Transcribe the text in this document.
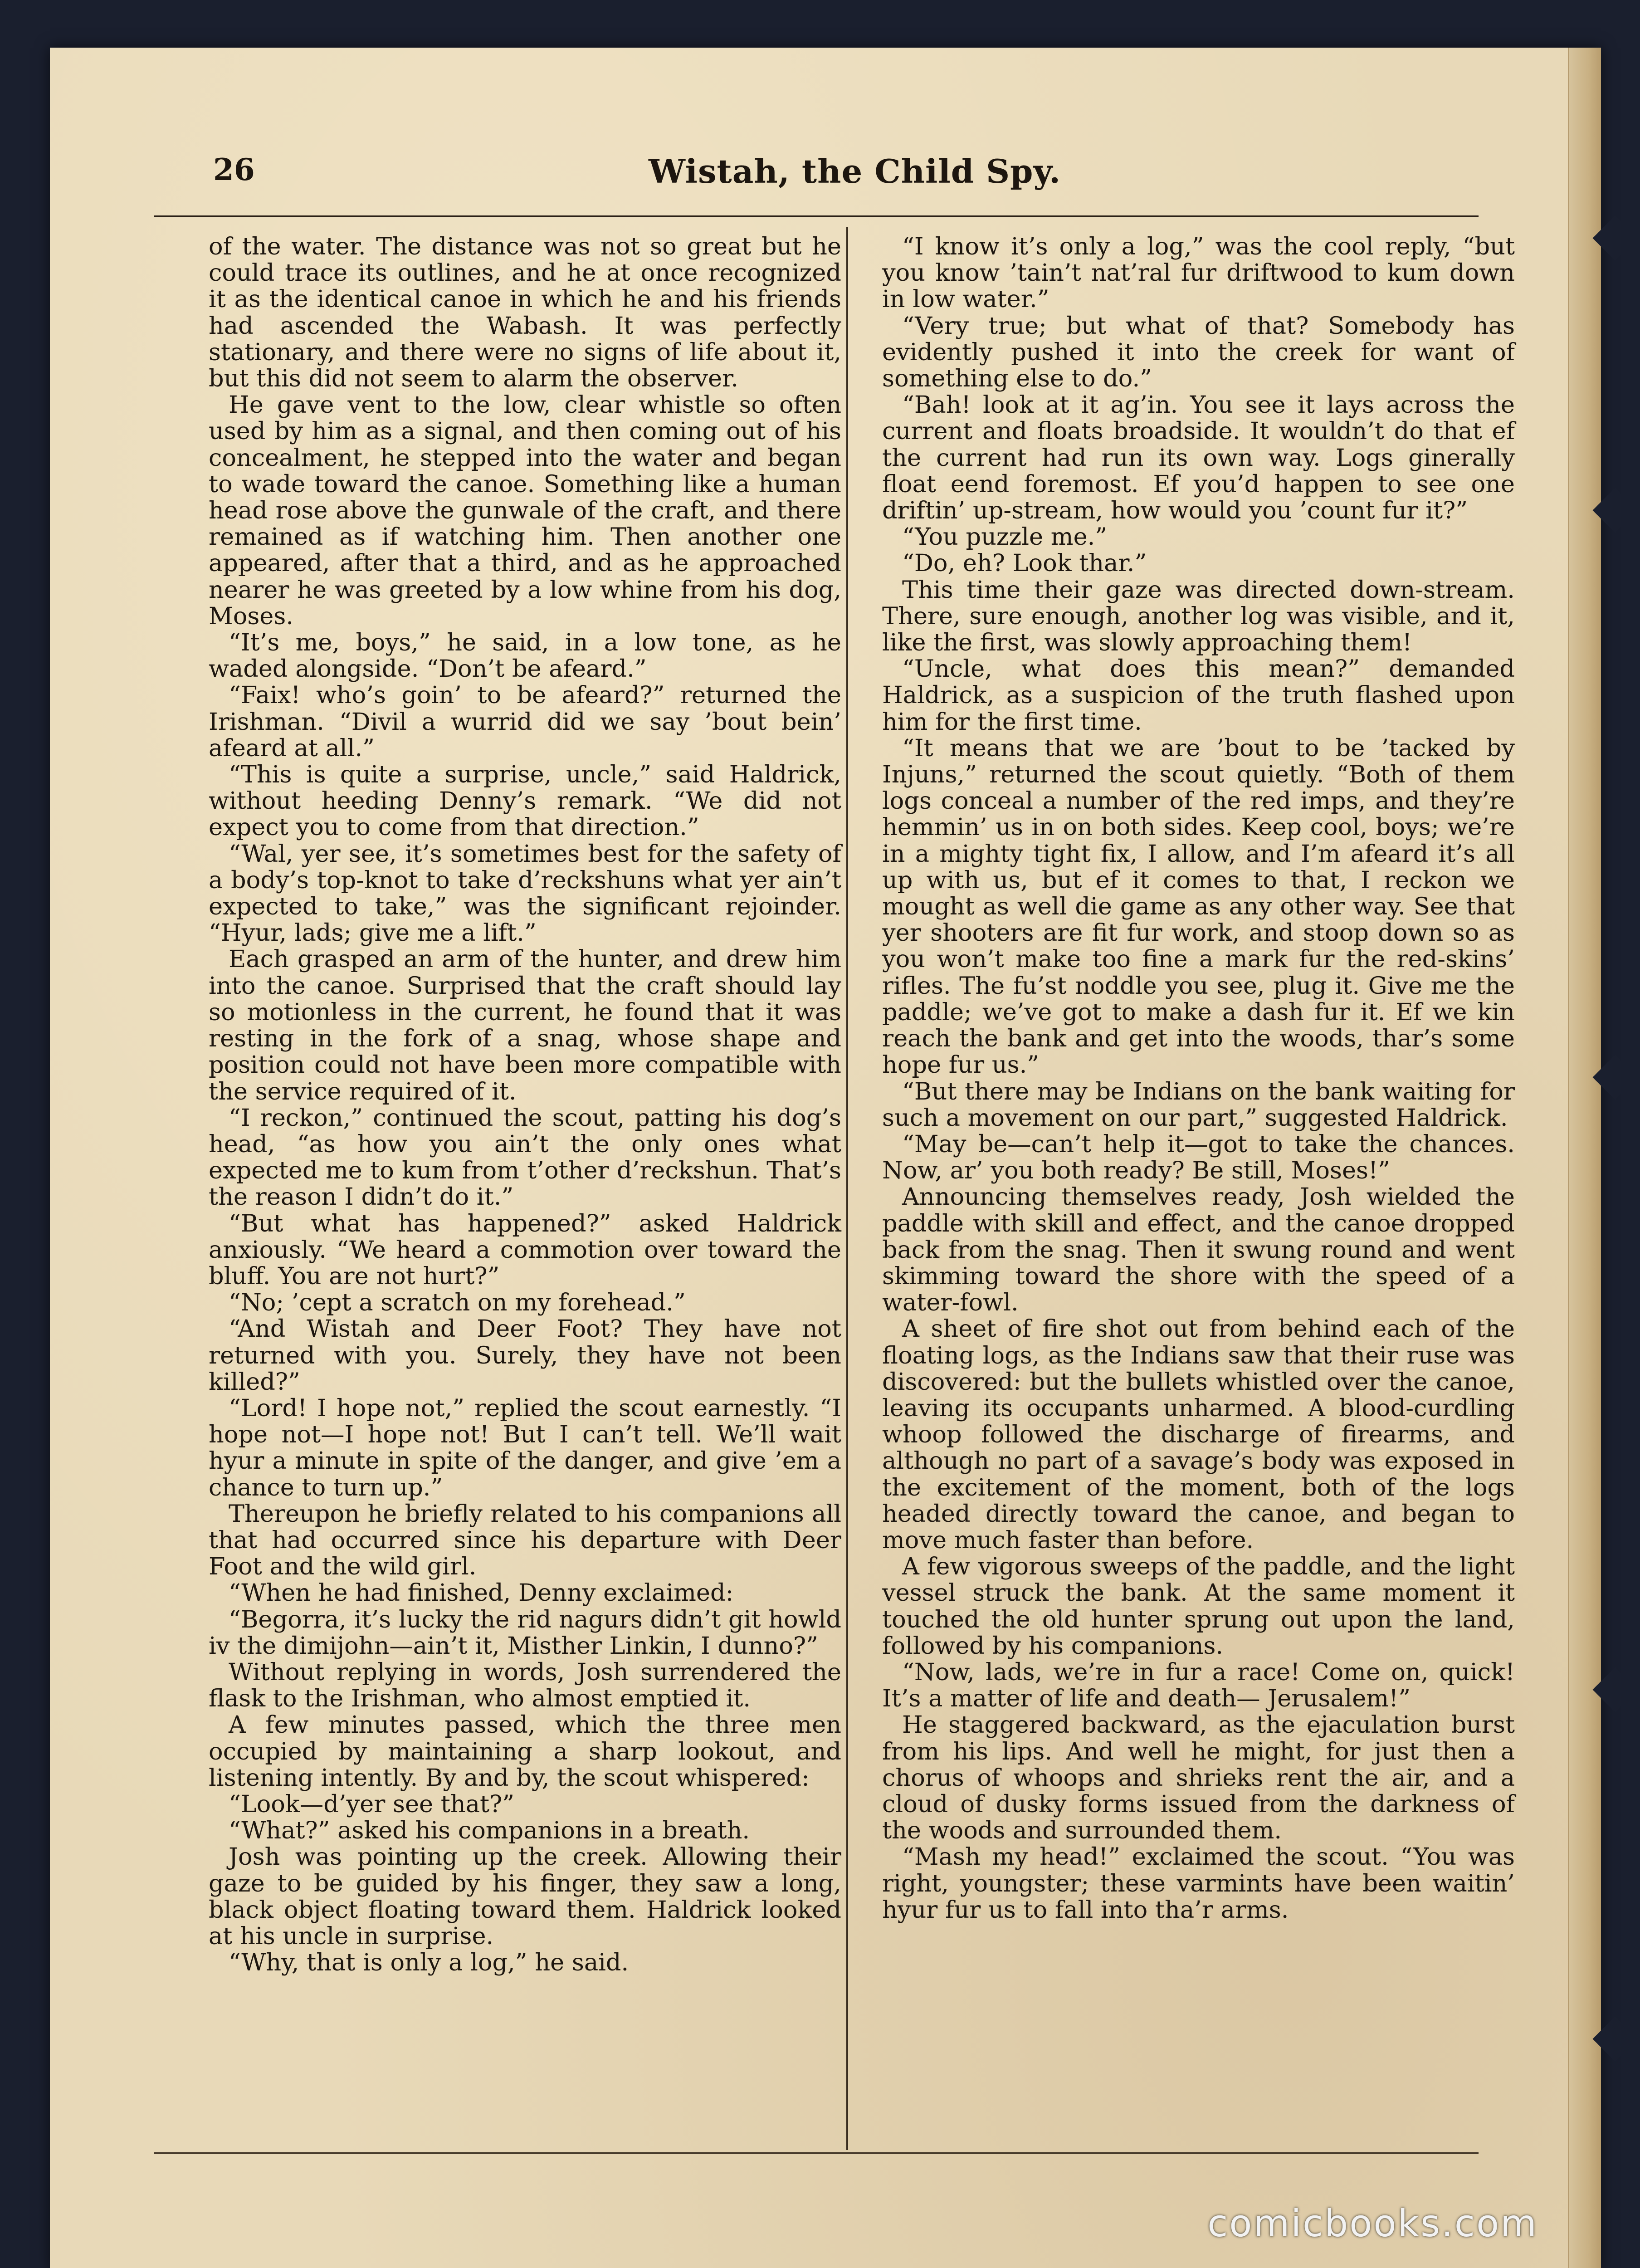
26	Wistah, the Child Spy.

of the water. The distance was not so great but he could trace its outlines, and he at once recognized it as the identical canoe in which he and his friends had ascended the Wabash. It was perfectly stationary, and there were no signs of life about it, but this did not seem to alarm the observer.

He gave vent to the low, clear whistle so often used by him as a signal, and then coming out of his concealment, he stepped into the water and began to wade toward the canoe. Something like a human head rose above the gunwale of the craft, and there remained as if watching him. Then another one appeared, after that a third, and as he approached nearer he was greeted by a low whine from his dog, Moses.

“It’s me, boys,” he said, in a low tone, as he waded alongside. “Don’t be afeard.”

“Faix! who’s goin’ to be afeard?” returned the Irishman. “Divil a wurrid did we say ’bout bein’ afeard at all.”

“This is quite a surprise, uncle,” said Haldrick, without heeding Denny’s remark. “We did not expect you to come from that direction.”

“Wal, yer see, it’s sometimes best for the safety of a body’s top-knot to take d’reckshuns what yer ain’t expected to take,” was the significant rejoinder. “Hyur, lads; give me a lift.”

Each grasped an arm of the hunter, and drew him into the canoe. Surprised that the craft should lay so motionless in the current, he found that it was resting in the fork of a snag, whose shape and position could not have been more compatible with the service required of it.

“I reckon,” continued the scout, patting his dog’s head, “as how you ain’t the only ones what expected me to kum from t’other d’reckshun. That’s the reason I didn’t do it.”

“But what has happened?” asked Haldrick anxiously. “We heard a commotion over toward the bluff. You are not hurt?”

“No; ’cept a scratch on my forehead.”

“And Wistah and Deer Foot? They have not returned with you. Surely, they have not been killed?”

“Lord! I hope not,” replied the scout earnestly. “I hope not—I hope not! But I can’t tell. We’ll wait hyur a minute in spite of the danger, and give ’em a chance to turn up.”

Thereupon he briefly related to his companions all that had occurred since his departure with Deer Foot and the wild girl.

“When he had finished, Denny exclaimed:

“Begorra, it’s lucky the rid nagurs didn’t git howld iv the dimijohn—ain’t it, Misther Linkin, I dunno?”

Without replying in words, Josh surrendered the flask to the Irishman, who almost emptied it.

A few minutes passed, which the three men occupied by maintaining a sharp lookout, and listening intently. By and by, the scout whispered:

“Look—d’yer see that?”

“What?” asked his companions in a breath.

Josh was pointing up the creek. Allowing their gaze to be guided by his finger, they saw a long, black object floating toward them. Haldrick looked at his uncle in surprise.

“Why, that is only a log,” he said.

“I know it’s only a log,” was the cool reply, “but you know ’tain’t nat’ral fur driftwood to kum down in low water.”

“Very true; but what of that? Somebody has evidently pushed it into the creek for want of something else to do.”

“Bah! look at it ag’in. You see it lays across the current and floats broadside. It wouldn’t do that ef the current had run its own way. Logs ginerally float eend foremost. Ef you’d happen to see one driftin’ up-stream, how would you ’count fur it?”

“You puzzle me.”

“Do, eh? Look thar.”

This time their gaze was directed down-stream. There, sure enough, another log was visible, and it, like the first, was slowly approaching them!

“Uncle, what does this mean?” demanded Haldrick, as a suspicion of the truth flashed upon him for the first time.

“It means that we are ’bout to be ’tacked by Injuns,” returned the scout quietly. “Both of them logs conceal a number of the red imps, and they’re hemmin’ us in on both sides. Keep cool, boys; we’re in a mighty tight fix, I allow, and I’m afeard it’s all up with us, but ef it comes to that, I reckon we mought as well die game as any other way. See that yer shooters are fit fur work, and stoop down so as you won’t make too fine a mark fur the red-skins’ rifles. The fu’st noddle you see, plug it. Give me the paddle; we’ve got to make a dash fur it. Ef we kin reach the bank and get into the woods, thar’s some hope fur us.”

“But there may be Indians on the bank waiting for such a movement on our part,” suggested Haldrick.

“May be—can’t help it—got to take the chances. Now, ar’ you both ready? Be still, Moses!”

Announcing themselves ready, Josh wielded the paddle with skill and effect, and the canoe dropped back from the snag. Then it swung round and went skimming toward the shore with the speed of a water-fowl.

A sheet of fire shot out from behind each of the floating logs, as the Indians saw that their ruse was discovered: but the bullets whistled over the canoe, leaving its occupants unharmed. A blood-curdling whoop followed the discharge of firearms, and although no part of a savage’s body was exposed in the excitement of the moment, both of the logs headed directly toward the canoe, and began to move much faster than before.

A few vigorous sweeps of the paddle, and the light vessel struck the bank. At the same moment it touched the old hunter sprung out upon the land, followed by his companions.

“Now, lads, we’re in fur a race! Come on, quick! It’s a matter of life and death— Jerusalem!”

He staggered backward, as the ejaculation burst from his lips. And well he might, for just then a chorus of whoops and shrieks rent the air, and a cloud of dusky forms issued from the darkness of the woods and surrounded them.

“Mash my head!” exclaimed the scout. “You was right, youngster; these varmints have been waitin’ hyur fur us to fall into tha’r arms.

comicbooks.com
